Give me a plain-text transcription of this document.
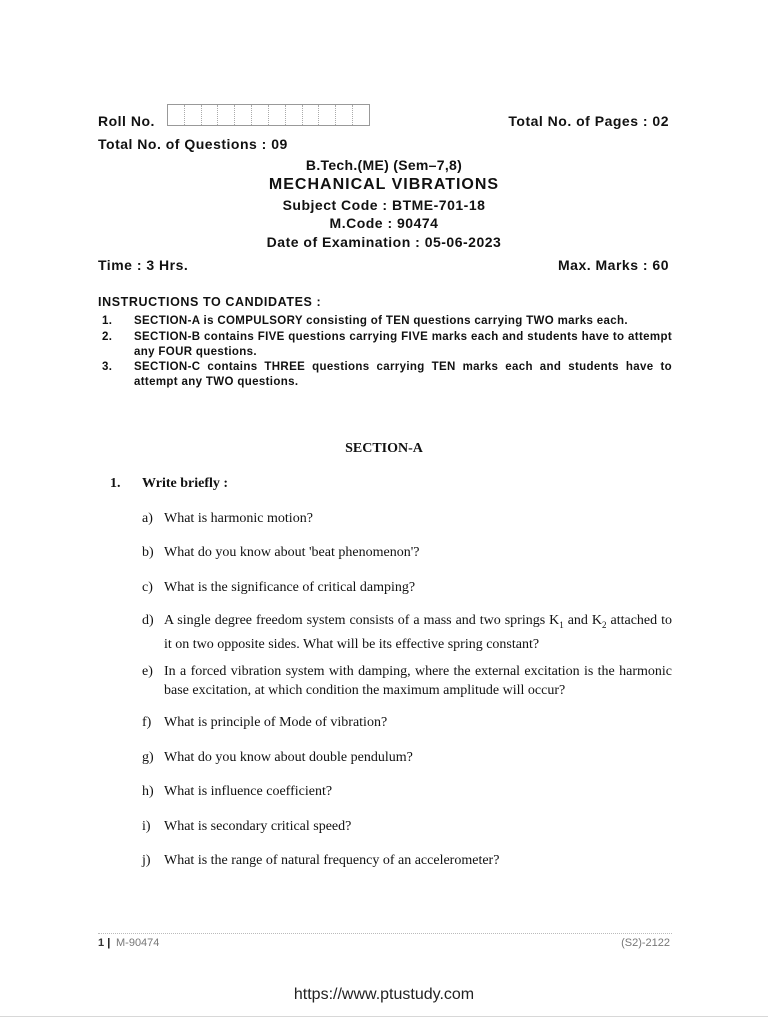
Roll No.	Total No. of Pages : 02
Total No. of Questions : 09
B.Tech.(ME) (Sem–7,8)
MECHANICAL VIBRATIONS
Subject Code : BTME-701-18
M.Code : 90474
Date of Examination : 05-06-2023
Time : 3 Hrs.	Max. Marks : 60
INSTRUCTIONS TO CANDIDATES :
1.	SECTION-A is COMPULSORY consisting of TEN questions carrying TWO marks each.
2.	SECTION-B contains FIVE questions carrying FIVE marks each and students have to attempt any FOUR questions.
3.	SECTION-C contains THREE questions carrying TEN marks each and students have to attempt any TWO questions.
SECTION-A
1. Write briefly :
a) What is harmonic motion?
b) What do you know about 'beat phenomenon'?
c) What is the significance of critical damping?
d) A single degree freedom system consists of a mass and two springs $K_1$ and $K_2$ attached to it on two opposite sides. What will be its effective spring constant?
e) In a forced vibration system with damping, where the external excitation is the harmonic base excitation, at which condition the maximum amplitude will occur?
f) What is principle of Mode of vibration?
g) What do you know about double pendulum?
h) What is influence coefficient?
i) What is secondary critical speed?
j) What is the range of natural frequency of an accelerometer?
1 | M-90474	(S2)-2122
https://www.ptustudy.com
